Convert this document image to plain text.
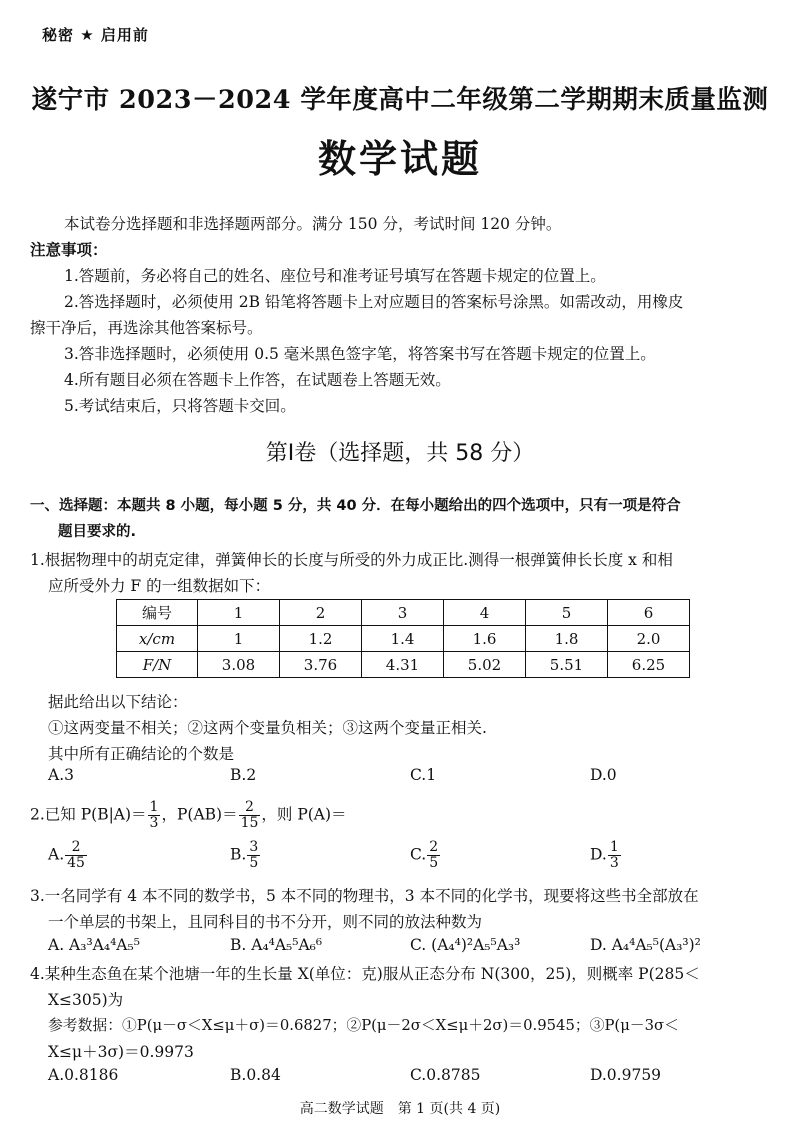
秘密 ★ 启用前
遂宁市 2023－2024 学年度高中二年级第二学期期末质量监测
数学试题
本试卷分选择题和非选择题两部分。满分 150 分，考试时间 120 分钟。
注意事项：
1.答题前，务必将自己的姓名、座位号和准考证号填写在答题卡规定的位置上。
2.答选择题时，必须使用 2B 铅笔将答题卡上对应题目的答案标号涂黑。如需改动，用橡皮
擦干净后，再选涂其他答案标号。
3.答非选择题时，必须使用 0.5 毫米黑色签字笔，将答案书写在答题卡规定的位置上。
4.所有题目必须在答题卡上作答，在试题卷上答题无效。
5.考试结束后，只将答题卡交回。
第Ⅰ卷（选择题，共 58 分）
一、选择题：本题共 8 小题，每小题 5 分，共 40 分．在每小题给出的四个选项中，只有一项是符合
题目要求的.
1.根据物理中的胡克定律，弹簧伸长的长度与所受的外力成正比.测得一根弹簧伸长长度 x 和相
应所受外力 F 的一组数据如下：
编号	1	2	3	4	5	6
x/cm	1	1.2	1.4	1.6	1.8	2.0
F/N	3.08	3.76	4.31	5.02	5.51	6.25
据此给出以下结论：
①这两变量不相关；②这两个变量负相关；③这两个变量正相关.
其中所有正确结论的个数是
A.3	B.2	C.1	D.0
2.已知 $P(B|A)= \frac{1}{3}$ ，$P(AB)= \frac{2}{15}$ ，则 P(A)＝
A. $\frac{2}{45}$	B. $\frac{3}{5}$	C. $\frac{2}{5}$	D. $\frac{1}{3}$
3.一名同学有 4 本不同的数学书，5 本不同的物理书，3 本不同的化学书，现要将这些书全部放在
一个单层的书架上，且同科目的书不分开，则不同的放法种数为
A. A₃³A₄⁴A₅⁵	B. A₄⁴A₅⁵A₆⁶	C. (A₄⁴)²A₅⁵A₃³	D. A₄⁴A₅⁵(A₃³)²
4.某种生态鱼在某个池塘一年的生长量 X(单位：克)服从正态分布 N(300，25)，则概率 P(285＜
X≤305)为
参考数据：①P(μ－σ＜X≤μ＋σ)＝0.6827；②P(μ－2σ＜X≤μ＋2σ)＝0.9545；③P(μ－3σ＜
X≤μ＋3σ)＝0.9973
A.0.8186	B.0.84	C.0.8785	D.0.9759
高二数学试题　第 1 页(共 4 页)
